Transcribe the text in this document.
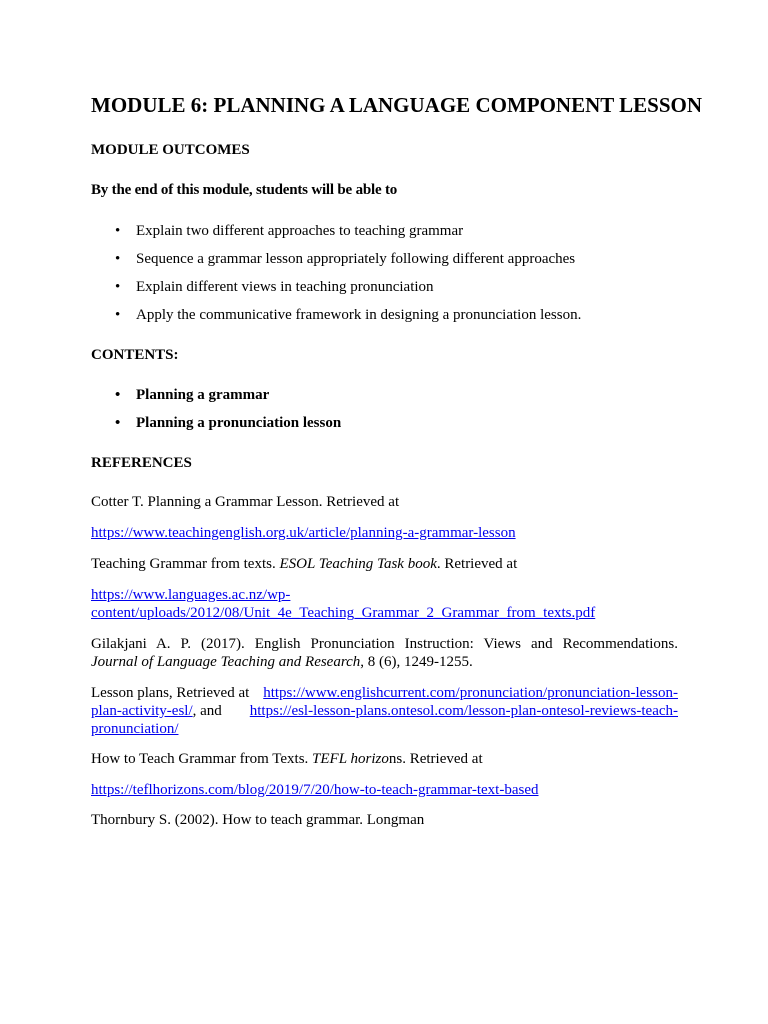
MODULE 6: PLANNING A LANGUAGE COMPONENT LESSON
MODULE OUTCOMES

By the end of this module, students will be able to

• Explain two different approaches to teaching grammar
• Sequence a grammar lesson appropriately following different approaches
• Explain different views in teaching pronunciation
• Apply the communicative framework in designing a pronunciation lesson.
CONTENTS:
• Planning a grammar
• Planning a pronunciation lesson
REFERENCES

Cotter T. Planning a Grammar Lesson. Retrieved at

https://www.teachingenglish.org.uk/article/planning-a-grammar-lesson

Teaching Grammar from texts. ESOL Teaching Task book. Retrieved at

https://www.languages.ac.nz/wp-
content/uploads/2012/08/Unit_4e_Teaching_Grammar_2_Grammar_from_texts.pdf

Gilakjani A. P. (2017). English Pronunciation Instruction: Views and Recommendations.
Journal of Language Teaching and Research, 8 (6), 1249-1255.

Lesson plans, Retrieved at https://www.englishcurrent.com/pronunciation/pronunciation-lesson-
plan-activity-esl/, and https://esl-lesson-plans.ontesol.com/lesson-plan-ontesol-reviews-teach-
pronunciation/

How to Teach Grammar from Texts. TEFL horizons. Retrieved at

https://teflhorizons.com/blog/2019/7/20/how-to-teach-grammar-text-based

Thornbury S. (2002). How to teach grammar. Longman
